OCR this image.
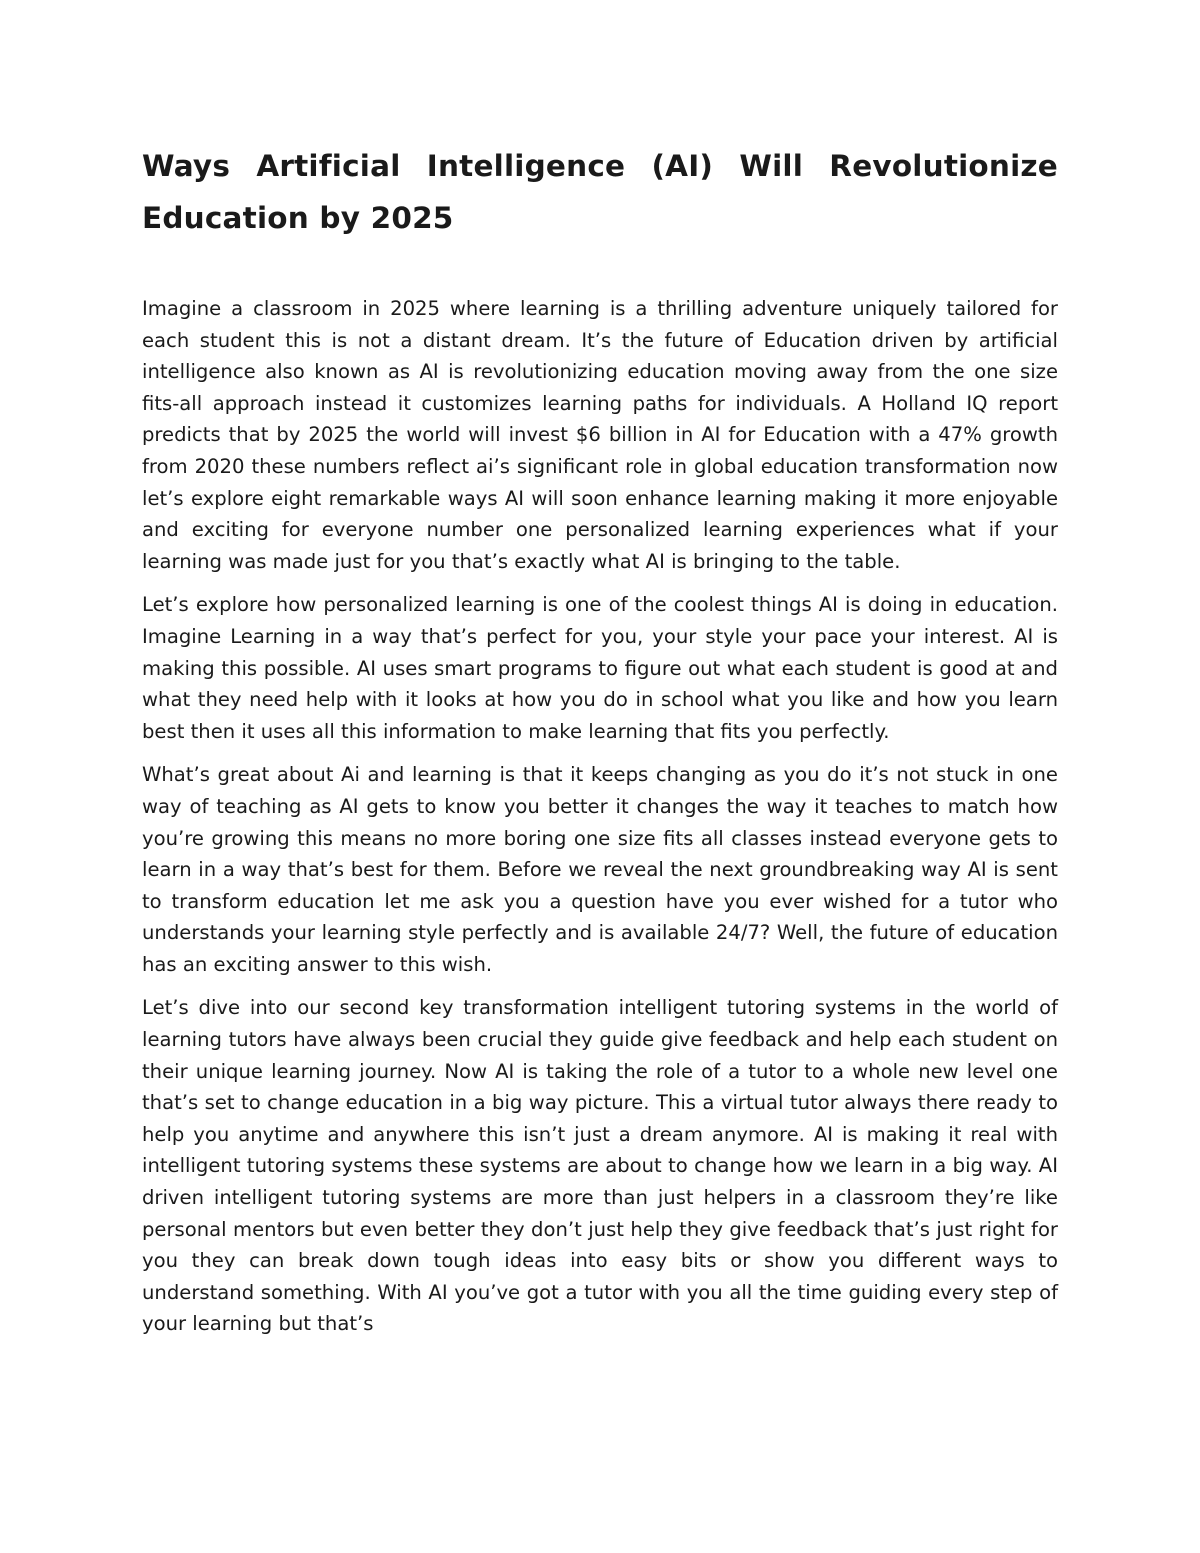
Ways Artificial Intelligence (AI) Will Revolutionize Education by 2025

Imagine a classroom in 2025 where learning is a thrilling adventure uniquely tailored for each student this is not a distant dream. It’s the future of Education driven by artificial intelligence also known as AI is revolutionizing education moving away from the one size fits-all approach instead it customizes learning paths for individuals. A Holland IQ report predicts that by 2025 the world will invest $6 billion in AI for Education with a 47% growth from 2020 these numbers reflect ai’s significant role in global education transformation now let’s explore eight remarkable ways AI will soon enhance learning making it more enjoyable and exciting for everyone number one personalized learning experiences what if your learning was made just for you that’s exactly what AI is bringing to the table.

Let’s explore how personalized learning is one of the coolest things AI is doing in education. Imagine Learning in a way that’s perfect for you, your style your pace your interest. AI is making this possible. AI uses smart programs to figure out what each student is good at and what they need help with it looks at how you do in school what you like and how you learn best then it uses all this information to make learning that fits you perfectly.

What’s great about Ai and learning is that it keeps changing as you do it’s not stuck in one way of teaching as AI gets to know you better it changes the way it teaches to match how you’re growing this means no more boring one size fits all classes instead everyone gets to learn in a way that’s best for them. Before we reveal the next groundbreaking way AI is sent to transform education let me ask you a question have you ever wished for a tutor who understands your learning style perfectly and is available 24/7? Well, the future of education has an exciting answer to this wish.

Let’s dive into our second key transformation intelligent tutoring systems in the world of learning tutors have always been crucial they guide give feedback and help each student on their unique learning journey. Now AI is taking the role of a tutor to a whole new level one that’s set to change education in a big way picture. This a virtual tutor always there ready to help you anytime and anywhere this isn’t just a dream anymore. AI is making it real with intelligent tutoring systems these systems are about to change how we learn in a big way. AI driven intelligent tutoring systems are more than just helpers in a classroom they’re like personal mentors but even better they don’t just help they give feedback that’s just right for you they can break down tough ideas into easy bits or show you different ways to understand something. With AI you’ve got a tutor with you all the time guiding every step of your learning but that’s
